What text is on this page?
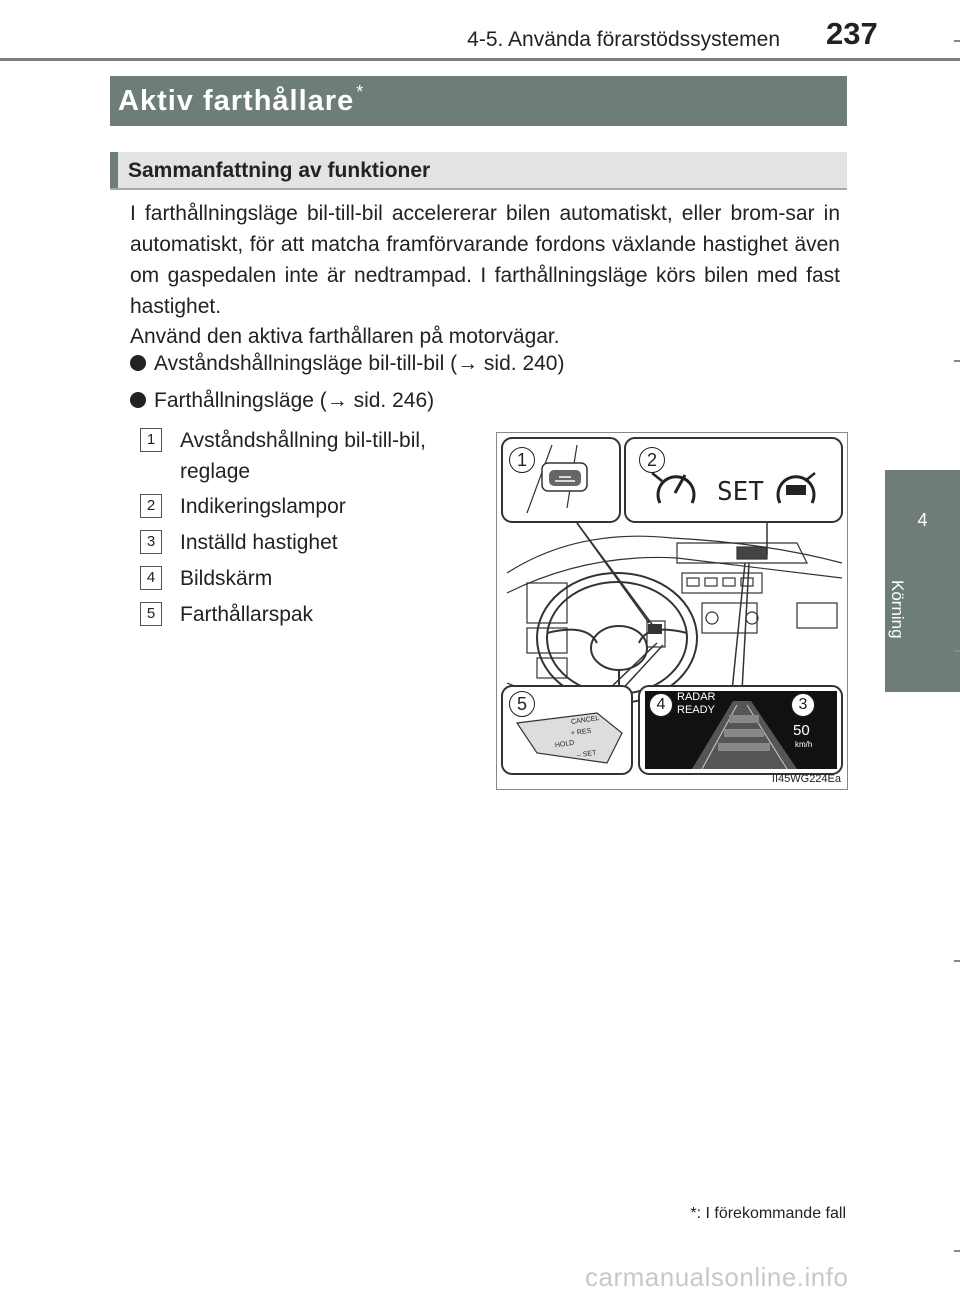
4-5. Använda förarstödssystemen 237
4
Körning
Aktiv farthållare *
Sammanfattning av funktioner
I farthållningsläge bil-till-bil accelererar bilen automatiskt, eller brom-sar in automatiskt, för att matcha framförvarande fordons växlande hastighet även om gaspedalen inte är nedtrampad. I farthållningsläge körs bilen med fast hastighet.
Använd den aktiva farthållaren på motorvägar.
Avståndshållningsläge bil-till-bil (→ sid. 240)
Farthållningsläge (→ sid. 246)
1	Avståndshållning bil-till-bil, reglage
2	Indikeringslampor
3	Inställd hastighet
4	Bildskärm
5	Farthållarspak
1	2
5	4	3
SET
RADAR
READY
50
km/h
CANCEL
+ RES
HOLD
– SET
II45WG224Ea
*: I förekommande fall
carmanualsonline.info
